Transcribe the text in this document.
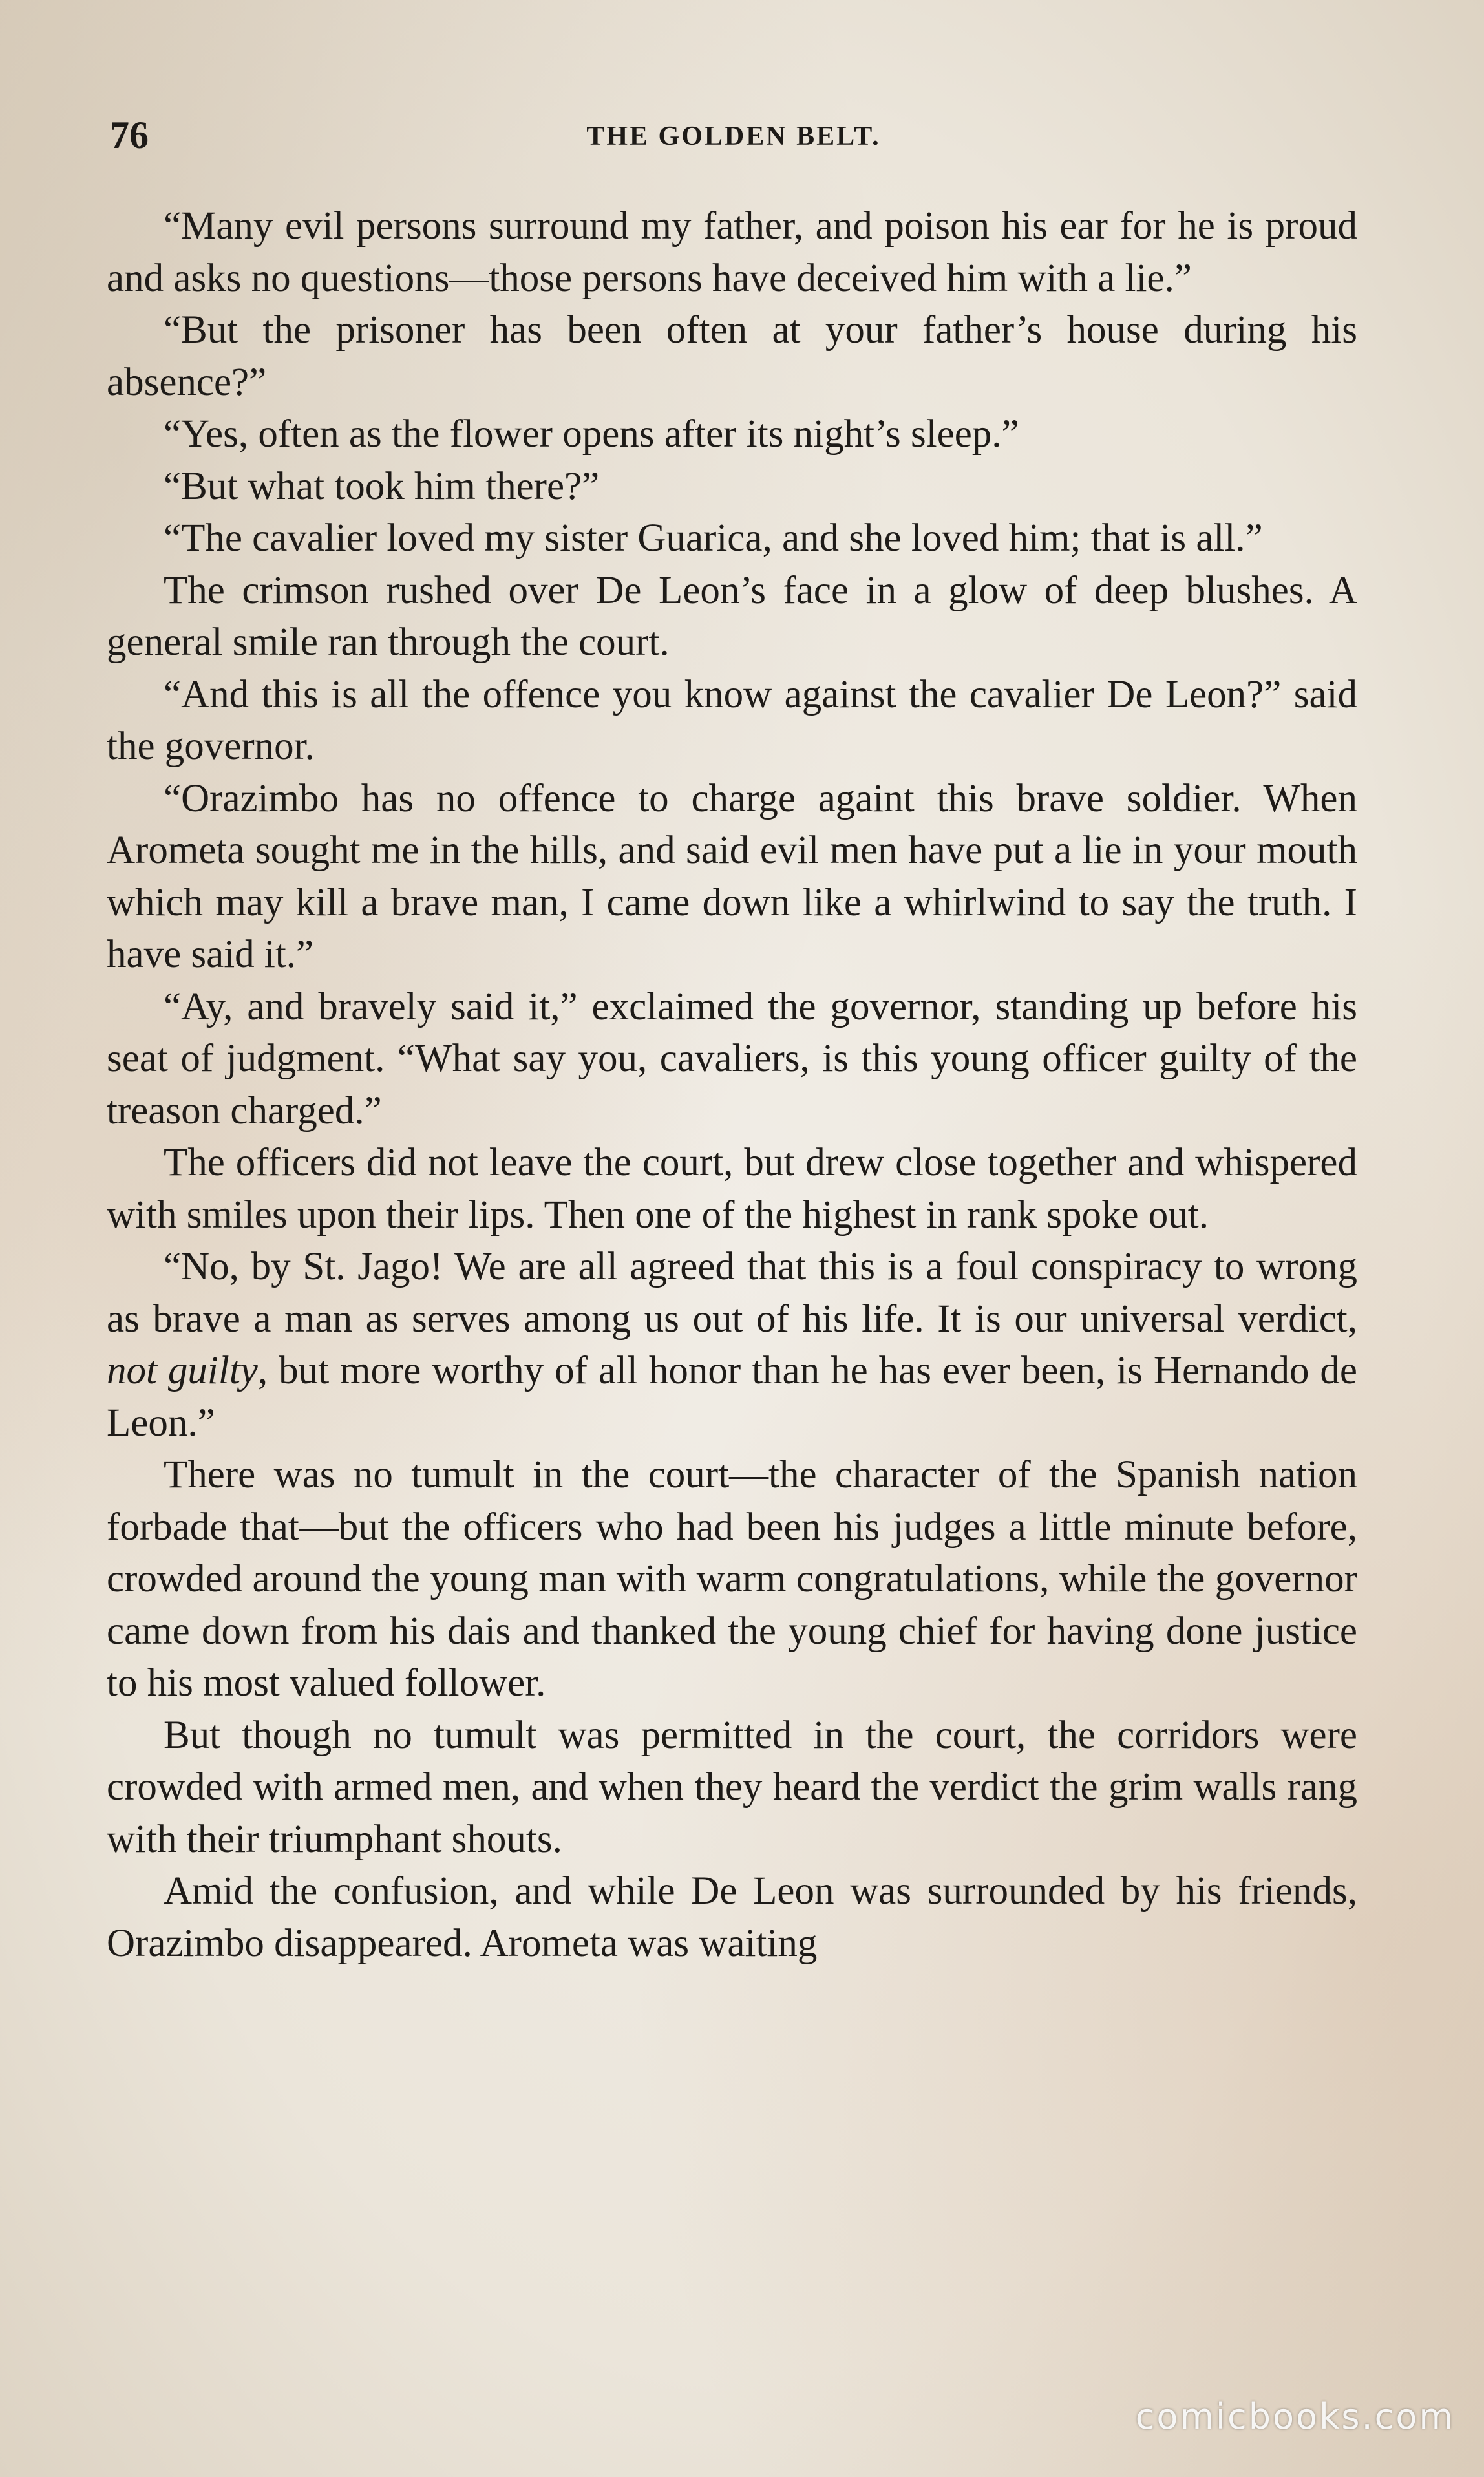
76	THE GOLDEN BELT.

“Many evil persons surround my father, and poison his ear for he is proud and asks no questions—those persons have deceived him with a lie.”

“But the prisoner has been often at your father’s house during his absence?”

“Yes, often as the flower opens after its night’s sleep.”

“But what took him there?”

“The cavalier loved my sister Guarica, and she loved him; that is all.”

The crimson rushed over De Leon’s face in a glow of deep blushes. A general smile ran through the court.

“And this is all the offence you know against the cavalier De Leon?” said the governor.

“Orazimbo has no offence to charge againt this brave soldier. When Arometa sought me in the hills, and said evil men have put a lie in your mouth which may kill a brave man, I came down like a whirlwind to say the truth. I have said it.”

“Ay, and bravely said it,” exclaimed the governor, standing up before his seat of judgment. “What say you, cavaliers, is this young officer guilty of the treason charged.”

The officers did not leave the court, but drew close together and whispered with smiles upon their lips. Then one of the highest in rank spoke out.

“No, by St. Jago! We are all agreed that this is a foul conspiracy to wrong as brave a man as serves among us out of his life. It is our universal verdict, not guilty, but more worthy of all honor than he has ever been, is Hernando de Leon.”

There was no tumult in the court—the character of the Spanish nation forbade that—but the officers who had been his judges a little minute before, crowded around the young man with warm congratulations, while the governor came down from his dais and thanked the young chief for having done justice to his most valued follower.

But though no tumult was permitted in the court, the corridors were crowded with armed men, and when they heard the verdict the grim walls rang with their triumphant shouts.

Amid the confusion, and while De Leon was surrounded by his friends, Orazimbo disappeared. Arometa was waiting

comicbooks.com
